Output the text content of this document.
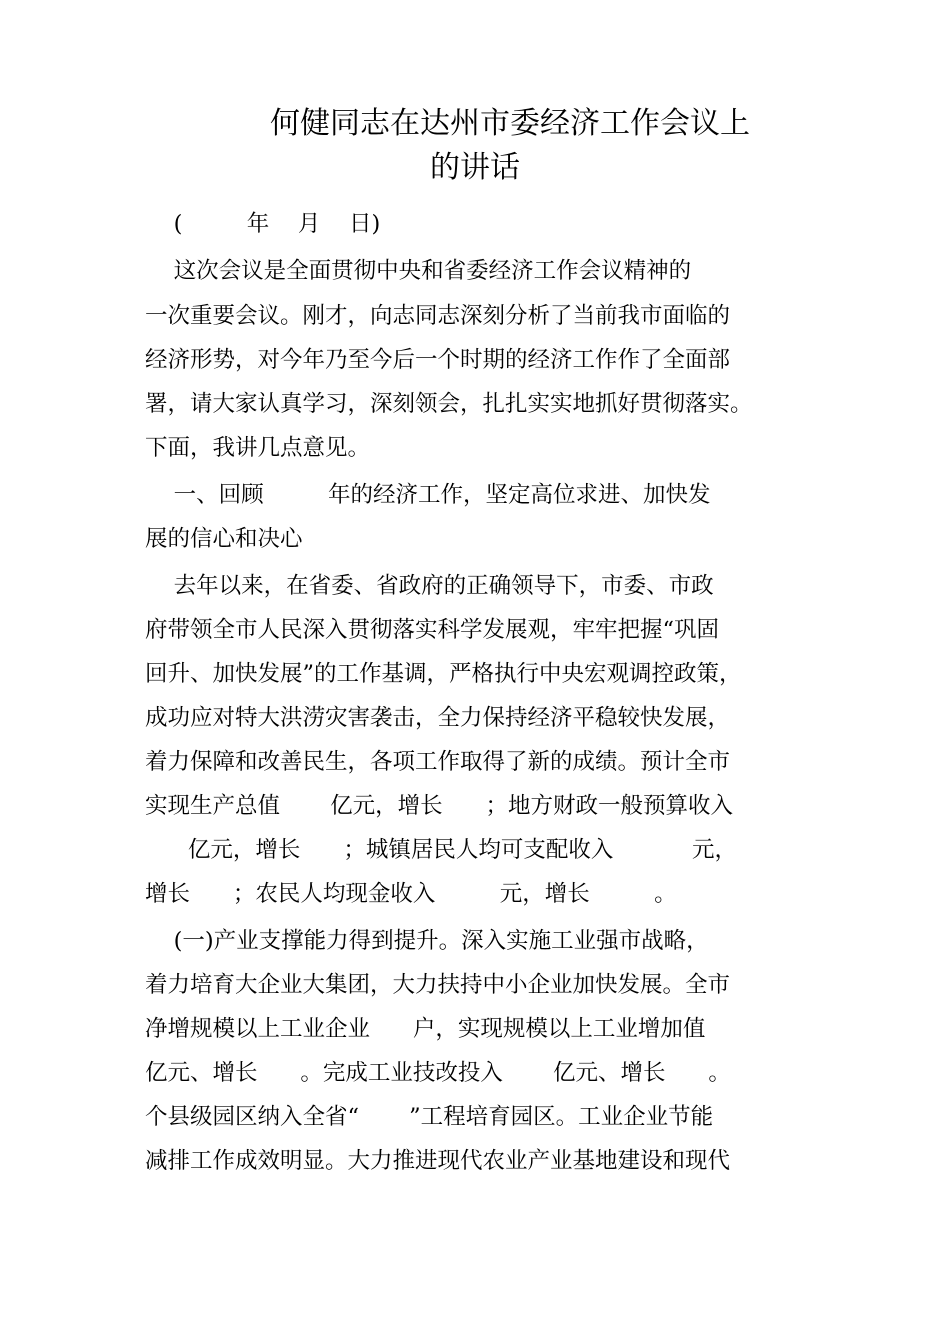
何健同志在达州市委经济工作会议上
的讲话
(         年    月    日)
这次会议是全面贯彻中央和省委经济工作会议精神的
一次重要会议。刚才，向志同志深刻分析了当前我市面临的
经济形势，对今年乃至今后一个时期的经济工作作了全面部
署，请大家认真学习，深刻领会，扎扎实实地抓好贯彻落实。
下面，我讲几点意见。
一、回顾         年的经济工作，坚定高位求进、加快发
展的信心和决心
去年以来，在省委、省政府的正确领导下，市委、市政
府带领全市人民深入贯彻落实科学发展观，牢牢把握“巩固
回升、加快发展”的工作基调，严格执行中央宏观调控政策，
成功应对特大洪涝灾害袭击，全力保持经济平稳较快发展，
着力保障和改善民生，各项工作取得了新的成绩。预计全市
实现生产总值       亿元，增长      ；地方财政一般预算收入
亿元，增长      ；城镇居民人均可支配收入           元，
增长      ；农民人均现金收入         元，增长         。
(一)产业支撑能力得到提升。深入实施工业强市战略，
着力培育大企业大集团，大力扶持中小企业加快发展。全市
净增规模以上工业企业      户，实现规模以上工业增加值
亿元、增长      。完成工业技改投入       亿元、增长      。
个县级园区纳入全省“       ”工程培育园区。工业企业节能
减排工作成效明显。大力推进现代农业产业基地建设和现代
